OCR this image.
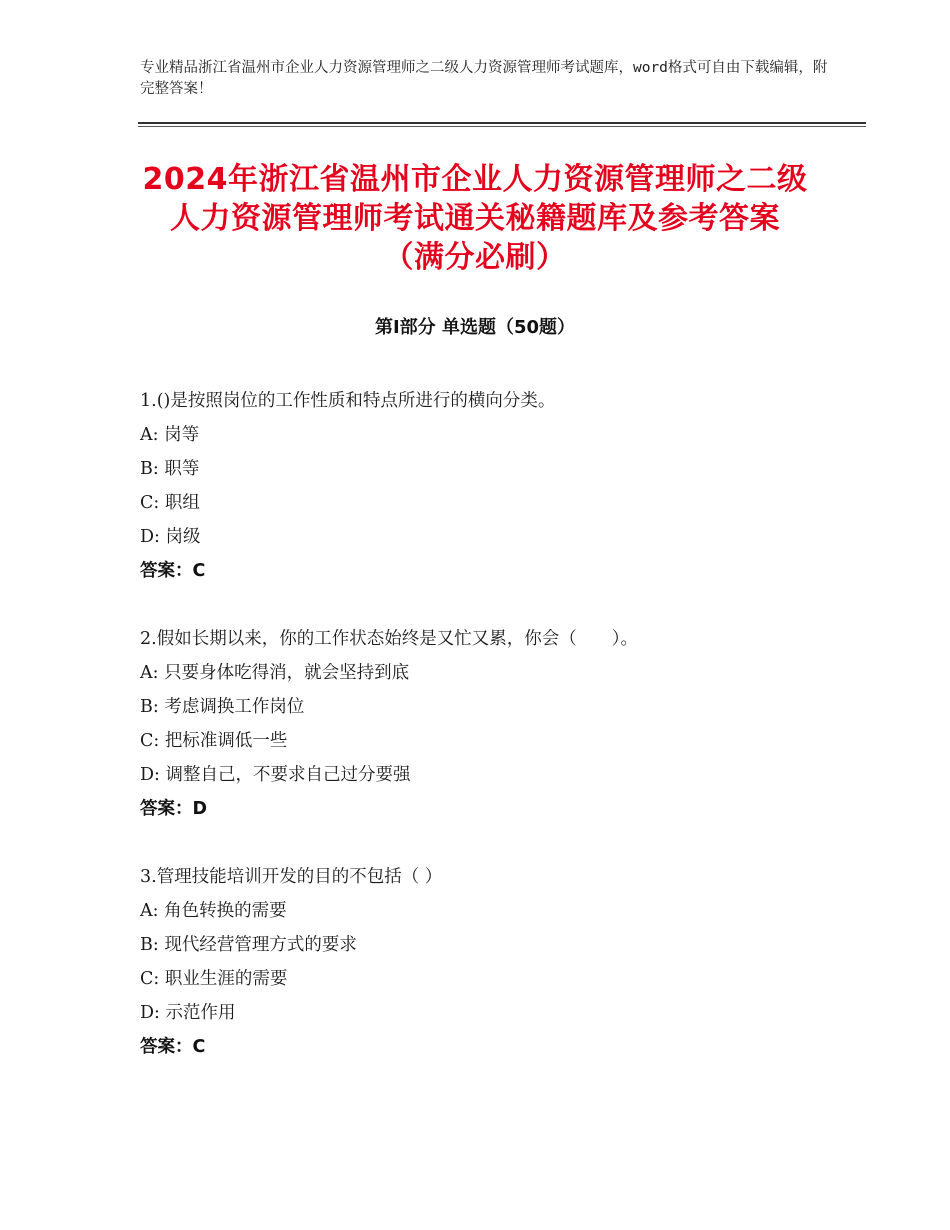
专业精品浙江省温州市企业人力资源管理师之二级人力资源管理师考试题库，word格式可自由下载编辑，附完整答案！
2024年浙江省温州市企业人力资源管理师之二级人力资源管理师考试通关秘籍题库及参考答案（满分必刷）
第Ⅰ部分 单选题（50题）
1.()是按照岗位的工作性质和特点所进行的横向分类。
A: 岗等
B: 职等
C: 职组
D: 岗级
答案：C
2.假如长期以来，你的工作状态始终是又忙又累，你会（　　）。
A: 只要身体吃得消，就会坚持到底
B: 考虑调换工作岗位
C: 把标准调低一些
D: 调整自己，不要求自己过分要强
答案：D
3.管理技能培训开发的目的不包括（ ）
A: 角色转换的需要
B: 现代经营管理方式的要求
C: 职业生涯的需要
D: 示范作用
答案：C
